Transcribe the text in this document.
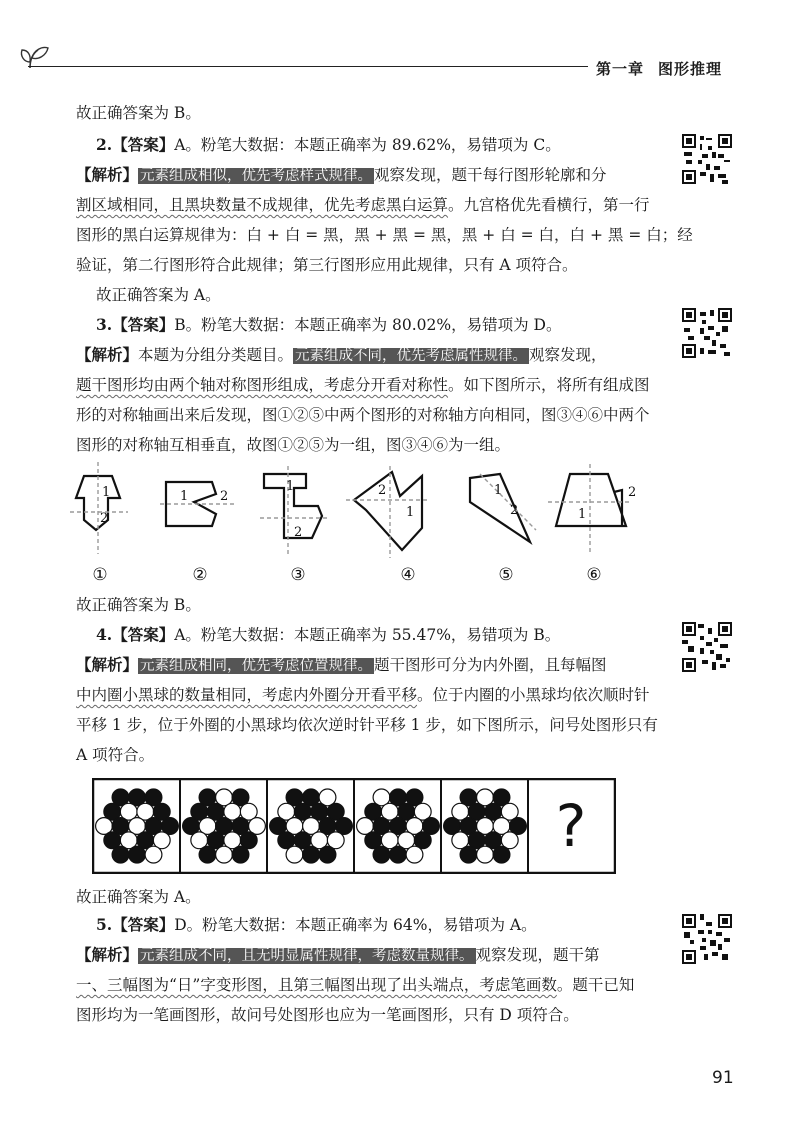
第一章 图形推理
故正确答案为 B。
2.【答案】A。粉笔大数据：本题正确率为 89.62%，易错项为 C。
【解析】 元素组成相似，优先考虑样式规律。 观察发现，题干每行图形轮廓和分
割区域相同，且黑块数量不成规律，优先考虑黑白运算。九宫格优先看横行，第一行
图形的黑白运算规律为：白 + 白 = 黑，黑 + 黑 = 黑，黑 + 白 = 白，白 + 黑 = 白；经
验证，第二行图形符合此规律；第三行图形应用此规律，只有 A 项符合。
故正确答案为 A。
3.【答案】B。粉笔大数据：本题正确率为 80.02%，易错项为 D。
【解析】本题为分组分类题目。 元素组成不同，优先考虑属性规律。 观察发现，
题干图形均由两个轴对称图形组成，考虑分开看对称性。如下图所示，将所有组成图
形的对称轴画出来后发现，图①②⑤中两个图形的对称轴方向相同，图③④⑥中两个
图形的对称轴互相垂直，故图①②⑤为一组，图③④⑥为一组。
1
2
1 2
1
2
2
1
1
2
2
1
①	②	③	④	⑤	⑥
故正确答案为 B。
4.【答案】A。粉笔大数据：本题正确率为 55.47%，易错项为 B。
【解析】 元素组成相同，优先考虑位置规律。 题干图形可分为内外圈，且每幅图
中内圈小黑球的数量相同，考虑内外圈分开看平移。位于内圈的小黑球均依次顺时针
平移 1 步，位于外圈的小黑球均依次逆时针平移 1 步，如下图所示，问号处图形只有
A 项符合。
?
故正确答案为 A。
5.【答案】D。粉笔大数据：本题正确率为 64%，易错项为 A。
【解析】 元素组成不同，且无明显属性规律，考虑数量规律。 观察发现，题干第
一、三幅图为“日”字变形图，且第三幅图出现了出头端点，考虑笔画数。题干已知
图形均为一笔画图形，故问号处图形也应为一笔画图形，只有 D 项符合。
91
